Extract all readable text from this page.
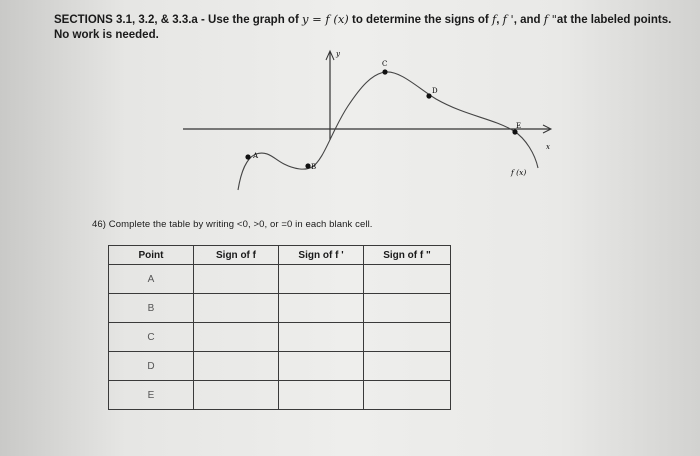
SECTIONS 3.1, 3.2, & 3.3.a - Use the graph of y = f (x) to determine the signs of f, f ', and f "at the labeled points. No work is needed.
y
x
A
B
C
D
E
f (x)
46) Complete the table by writing <0, >0, or =0 in each blank cell.
Point	Sign of f	Sign of f '	Sign of f "
A			
B			
C			
D			
E			
